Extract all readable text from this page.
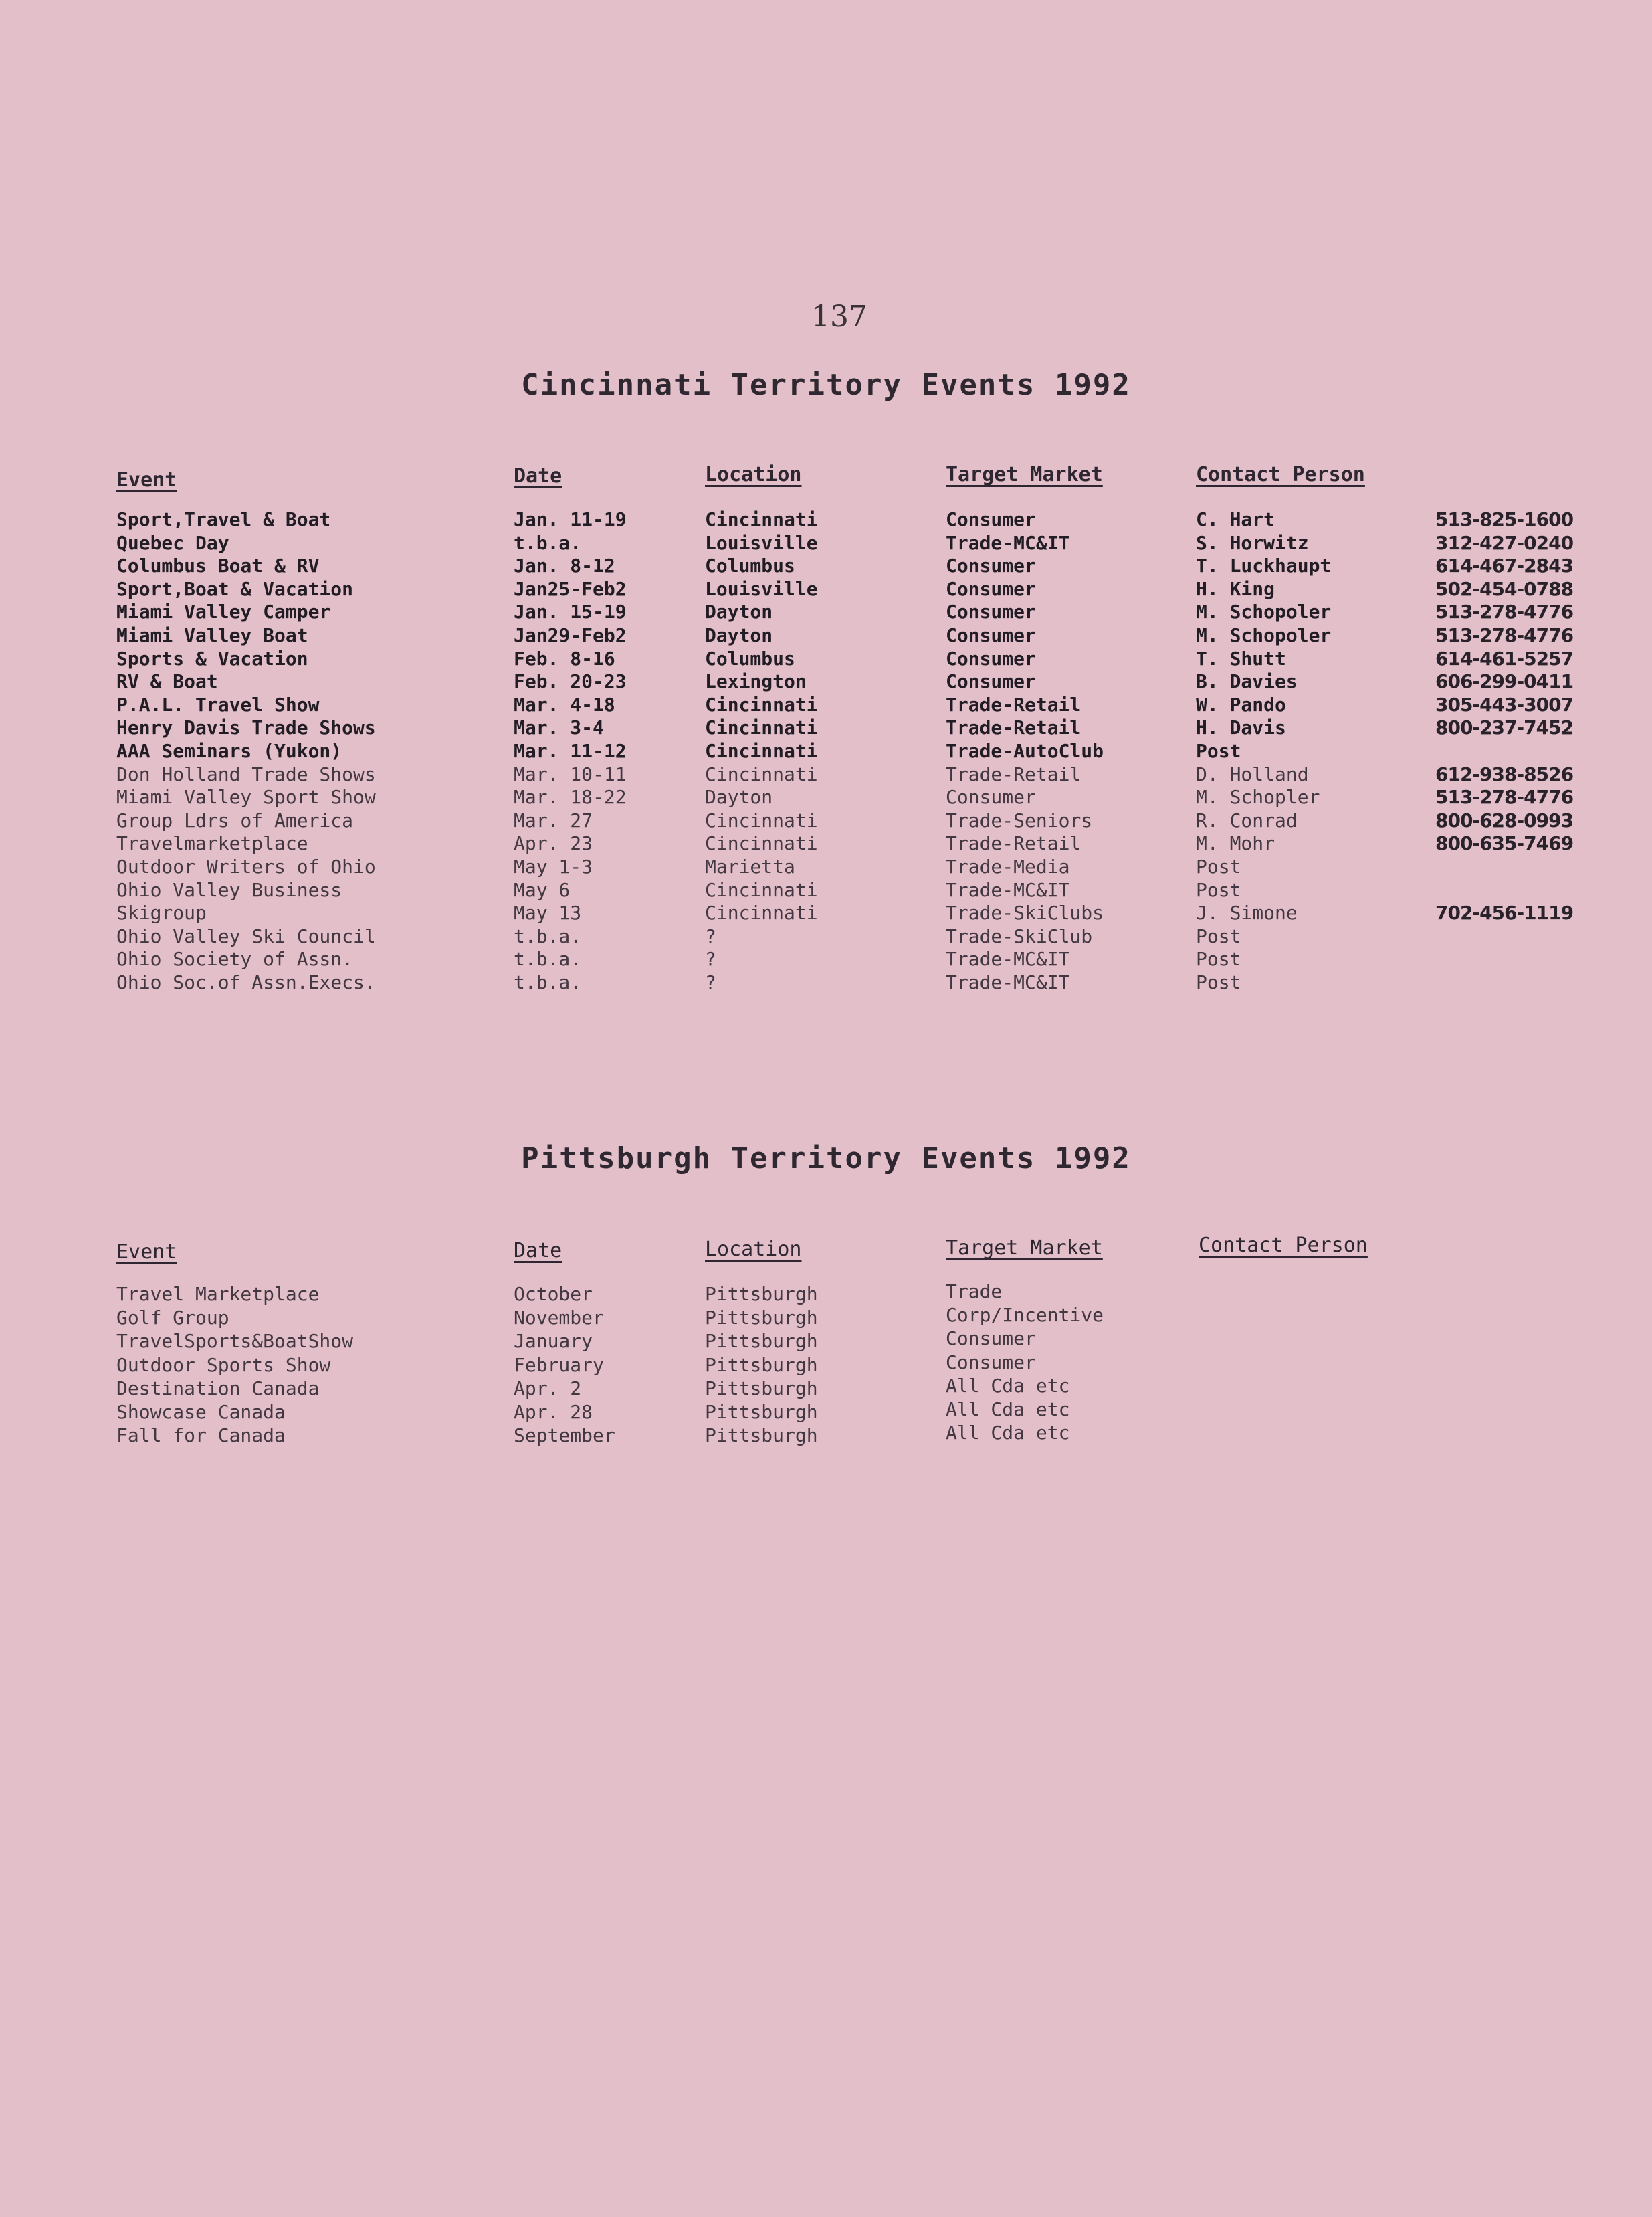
137
Cincinnati Territory Events 1992
Event	Date	Location	Target Market	Contact Person
Sport,Travel & Boat	Jan. 11-19	Cincinnati	Consumer	C. Hart	513-825-1600
Quebec Day	t.b.a.	Louisville	Trade-MC&IT	S. Horwitz	312-427-0240
Columbus Boat & RV	Jan. 8-12	Columbus	Consumer	T. Luckhaupt	614-467-2843
Sport,Boat & Vacation	Jan25-Feb2	Louisville	Consumer	H. King	502-454-0788
Miami Valley Camper	Jan. 15-19	Dayton	Consumer	M. Schopoler	513-278-4776
Miami Valley Boat	Jan29-Feb2	Dayton	Consumer	M. Schopoler	513-278-4776
Sports & Vacation	Feb. 8-16	Columbus	Consumer	T. Shutt	614-461-5257
RV & Boat	Feb. 20-23	Lexington	Consumer	B. Davies	606-299-0411
P.A.L. Travel Show	Mar. 4-18	Cincinnati	Trade-Retail	W. Pando	305-443-3007
Henry Davis Trade Shows	Mar. 3-4	Cincinnati	Trade-Retail	H. Davis	800-237-7452
AAA Seminars (Yukon)	Mar. 11-12	Cincinnati	Trade-AutoClub	Post
Don Holland Trade Shows	Mar. 10-11	Cincinnati	Trade-Retail	D. Holland	612-938-8526
Miami Valley Sport Show	Mar. 18-22	Dayton	Consumer	M. Schopler	513-278-4776
Group Ldrs of America	Mar. 27	Cincinnati	Trade-Seniors	R. Conrad	800-628-0993
Travelmarketplace	Apr. 23	Cincinnati	Trade-Retail	M. Mohr	800-635-7469
Outdoor Writers of Ohio	May 1-3	Marietta	Trade-Media	Post
Ohio Valley Business	May 6	Cincinnati	Trade-MC&IT	Post
Skigroup	May 13	Cincinnati	Trade-SkiClubs	J. Simone	702-456-1119
Ohio Valley Ski Council	t.b.a.	?	Trade-SkiClub	Post
Ohio Society of Assn.	t.b.a.	?	Trade-MC&IT	Post
Ohio Soc.of Assn.Execs.	t.b.a.	?	Trade-MC&IT	Post
Pittsburgh Territory Events 1992
Event	Date	Location	Target Market	Contact Person
Travel Marketplace	October	Pittsburgh	Trade
Golf Group	November	Pittsburgh	Corp/Incentive
TravelSports&BoatShow	January	Pittsburgh	Consumer
Outdoor Sports Show	February	Pittsburgh	Consumer
Destination Canada	Apr. 2	Pittsburgh	All Cda etc
Showcase Canada	Apr. 28	Pittsburgh	All Cda etc
Fall for Canada	September	Pittsburgh	All Cda etc
